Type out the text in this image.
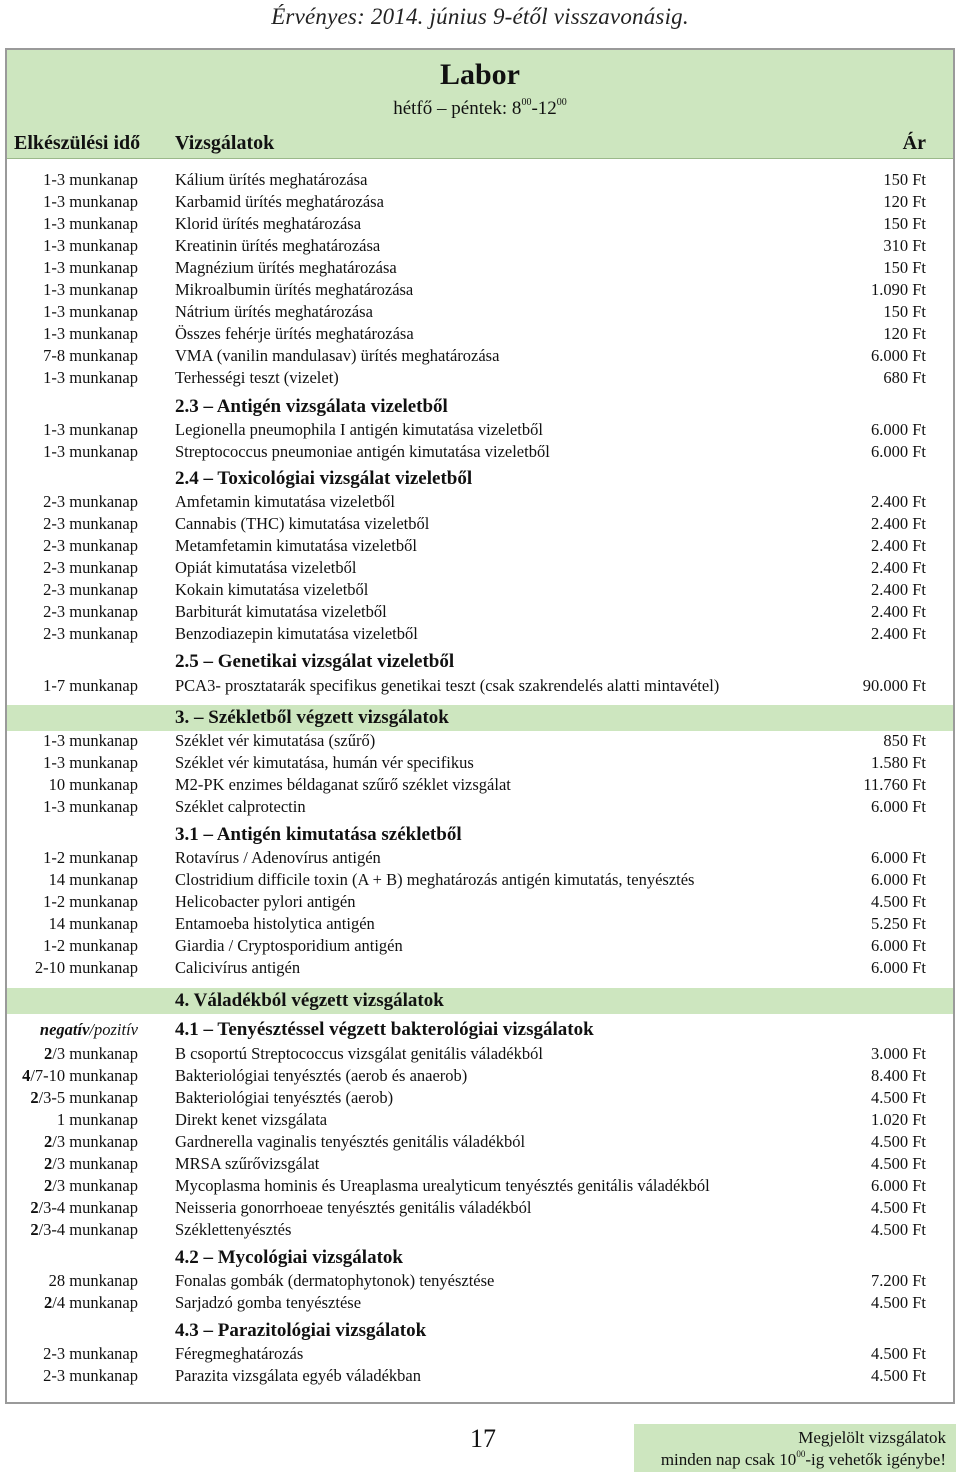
Érvényes: 2014. június 9-étől visszavonásig.
Labor
hétfő – péntek: $8^{00}-12^{00}$
Elkészülési idő Vizsgálatok	Ár
1-3 munkanap Kálium ürítés meghatározása	150 Ft
1-3 munkanap Karbamid ürítés meghatározása	120 Ft
1-3 munkanap Klorid ürítés meghatározása	150 Ft
1-3 munkanap Kreatinin ürítés meghatározása	310 Ft
1-3 munkanap Magnézium ürítés meghatározása	150 Ft
1-3 munkanap Mikroalbumin ürítés meghatározása	1.090 Ft
1-3 munkanap Nátrium ürítés meghatározása	150 Ft
1-3 munkanap Összes fehérje ürítés meghatározása	120 Ft
7-8 munkanap VMA (vanilin mandulasav) ürítés meghatározása	6.000 Ft
1-3 munkanap Terhességi teszt (vizelet)	680 Ft
2.3 – Antigén vizsgálata vizeletből
1-3 munkanap Legionella pneumophila I antigén kimutatása vizeletből	6.000 Ft
1-3 munkanap Streptococcus pneumoniae antigén kimutatása vizeletből	6.000 Ft
2.4 – Toxicológiai vizsgálat vizeletből
2-3 munkanap Amfetamin kimutatása vizeletből	2.400 Ft
2-3 munkanap Cannabis (THC) kimutatása vizeletből	2.400 Ft
2-3 munkanap Metamfetamin kimutatása vizeletből	2.400 Ft
2-3 munkanap Opiát kimutatása vizeletből	2.400 Ft
2-3 munkanap Kokain kimutatása vizeletből	2.400 Ft
2-3 munkanap Barbiturát kimutatása vizeletből	2.400 Ft
2-3 munkanap Benzodiazepin kimutatása vizeletből	2.400 Ft
2.5 – Genetikai vizsgálat vizeletből
1-7 munkanap PCA3- prosztatarák specifikus genetikai teszt (csak szakrendelés alatti mintavétel)	90.000 Ft
3. – Székletből végzett vizsgálatok
1-3 munkanap Széklet vér kimutatása (szűrő)	850 Ft
1-3 munkanap Széklet vér kimutatása, humán vér specifikus	1.580 Ft
10 munkanap M2-PK enzimes béldaganat szűrő széklet vizsgálat	11.760 Ft
1-3 munkanap Széklet calprotectin	6.000 Ft
3.1 – Antigén kimutatása székletből
1-2 munkanap Rotavírus / Adenovírus antigén	6.000 Ft
14 munkanap Clostridium difficile toxin (A + B) meghatározás antigén kimutatás, tenyésztés	6.000 Ft
1-2 munkanap Helicobacter pylori antigén	4.500 Ft
14 munkanap Entamoeba histolytica antigén	5.250 Ft
1-2 munkanap Giardia / Cryptosporidium antigén	6.000 Ft
2-10 munkanap Calicivírus antigén	6.000 Ft
4. Váladékból végzett vizsgálatok
negatív/pozitív 4.1 – Tenyésztéssel végzett bakterológiai vizsgálatok
2/3 munkanap B csoportú Streptococcus vizsgálat genitális váladékból	3.000 Ft
4/7-10 munkanap Bakteriológiai tenyésztés (aerob és anaerob)	8.400 Ft
2/3-5 munkanap Bakteriológiai tenyésztés (aerob)	4.500 Ft
1 munkanap Direkt kenet vizsgálata	1.020 Ft
2/3 munkanap Gardnerella vaginalis tenyésztés genitális váladékból	4.500 Ft
2/3 munkanap MRSA szűrővizsgálat	4.500 Ft
2/3 munkanap Mycoplasma hominis és Ureaplasma urealyticum tenyésztés genitális váladékból	6.000 Ft
2/3-4 munkanap Neisseria gonorrhoeae tenyésztés genitális váladékból	4.500 Ft
2/3-4 munkanap Széklettenyésztés	4.500 Ft
4.2 – Mycológiai vizsgálatok
28 munkanap Fonalas gombák (dermatophytonok) tenyésztése	7.200 Ft
2/4 munkanap Sarjadzó gomba tenyésztése	4.500 Ft
4.3 – Parazitológiai vizsgálatok
2-3 munkanap Féregmeghatározás	4.500 Ft
2-3 munkanap Parazita vizsgálata egyéb váladékban	4.500 Ft
17	Megjelölt vizsgálatok
minden nap csak $10^{00}-ig$ vehetők igénybe!
